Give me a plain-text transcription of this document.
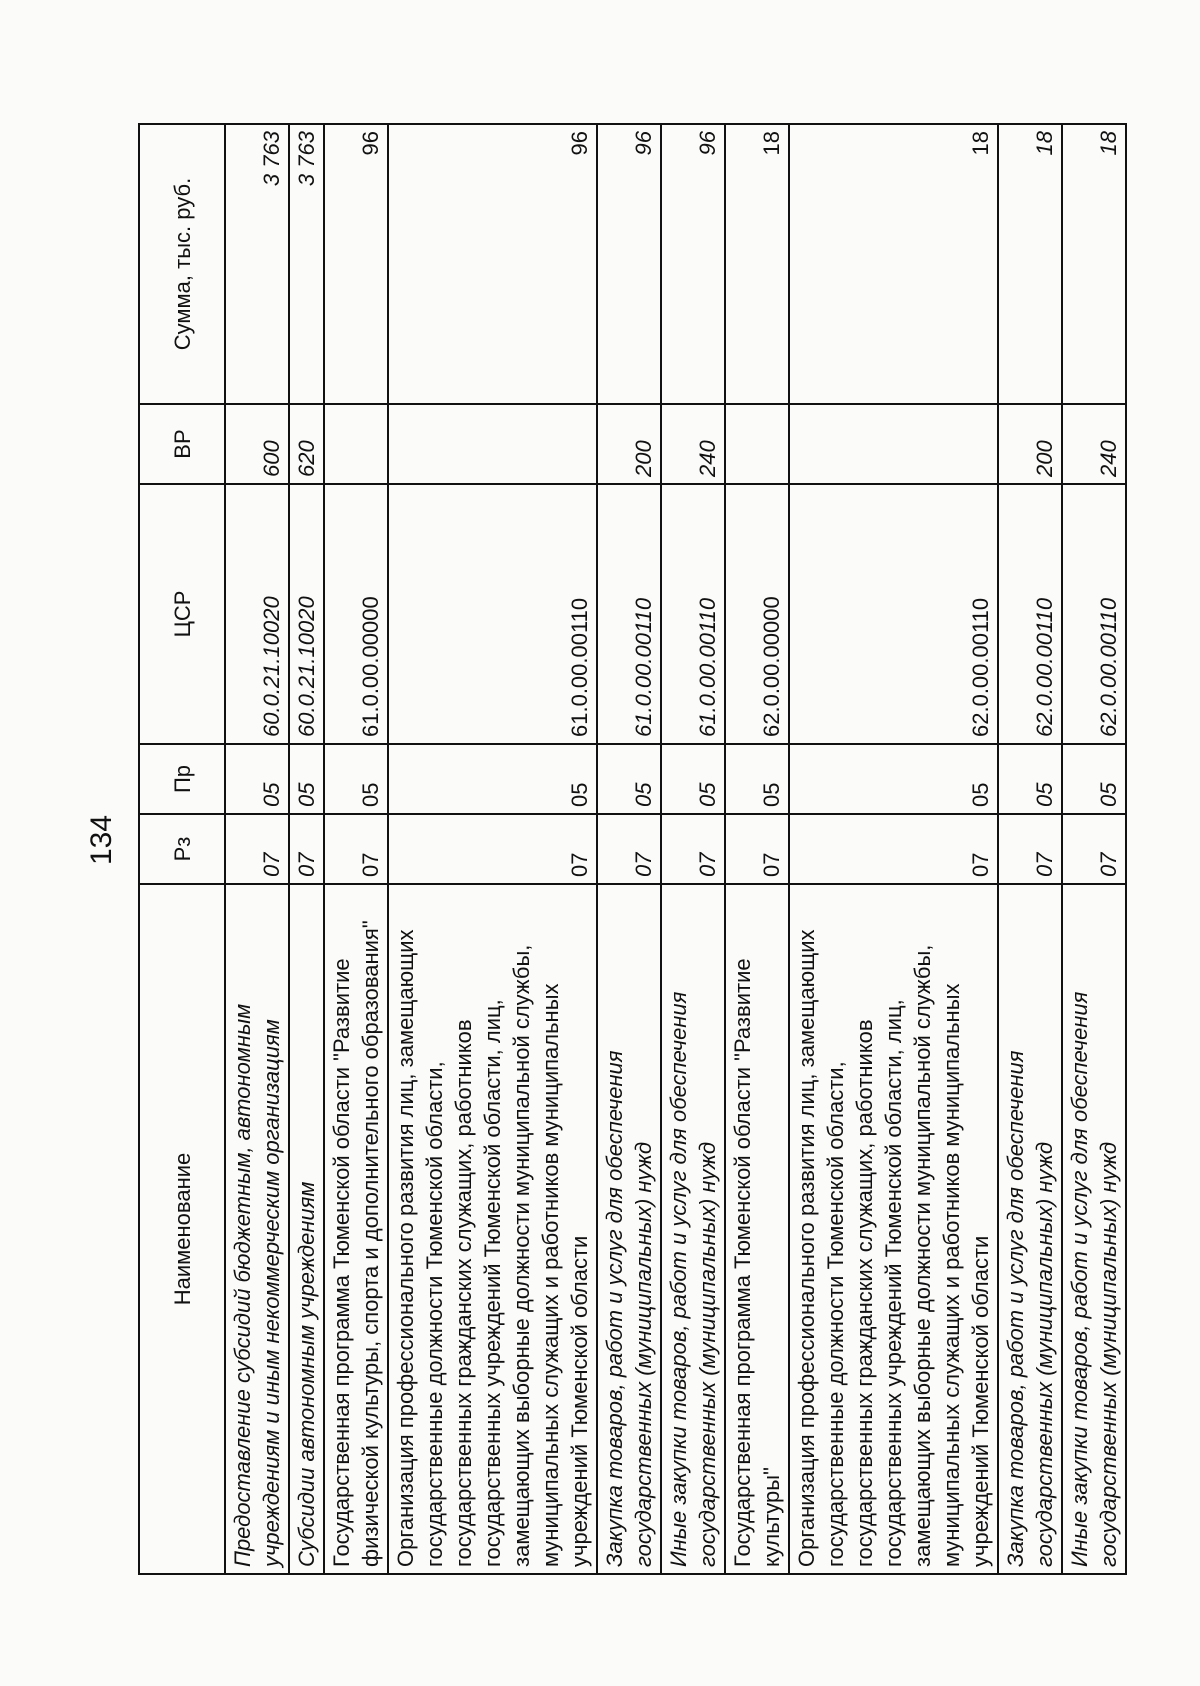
134
Наименование	Рз	Пр	ЦСР	ВР	Сумма, тыс. руб.
Предоставление субсидий бюджетным, автономным учреждениям и иным некоммерческим организациям	07	05	60.0.21.10020	600	3 763
Субсидии автономным учреждениям	07	05	60.0.21.10020	620	3 763
Государственная программа Тюменской области "Развитие физической культуры, спорта и дополнительного образования"	07	05	61.0.00.00000		96
Организация профессионального развития лиц, замещающих государственные должности Тюменской области, государственных гражданских служащих, работников государственных учреждений Тюменской области, лиц, замещающих выборные должности муниципальной службы, муниципальных служащих и работников муниципальных учреждений Тюменской области	07	05	61.0.00.00110		96
Закупка товаров, работ и услуг для обеспечения государственных (муниципальных) нужд	07	05	61.0.00.00110	200	96
Иные закупки товаров, работ и услуг для обеспечения государственных (муниципальных) нужд	07	05	61.0.00.00110	240	96
Государственная программа Тюменской области "Развитие культуры"	07	05	62.0.00.00000		18
Организация профессионального развития лиц, замещающих государственные должности Тюменской области, государственных гражданских служащих, работников государственных учреждений Тюменской области, лиц, замещающих выборные должности муниципальной службы, муниципальных служащих и работников муниципальных учреждений Тюменской области	07	05	62.0.00.00110		18
Закупка товаров, работ и услуг для обеспечения государственных (муниципальных) нужд	07	05	62.0.00.00110	200	18
Иные закупки товаров, работ и услуг для обеспечения государственных (муниципальных) нужд	07	05	62.0.00.00110	240	18
